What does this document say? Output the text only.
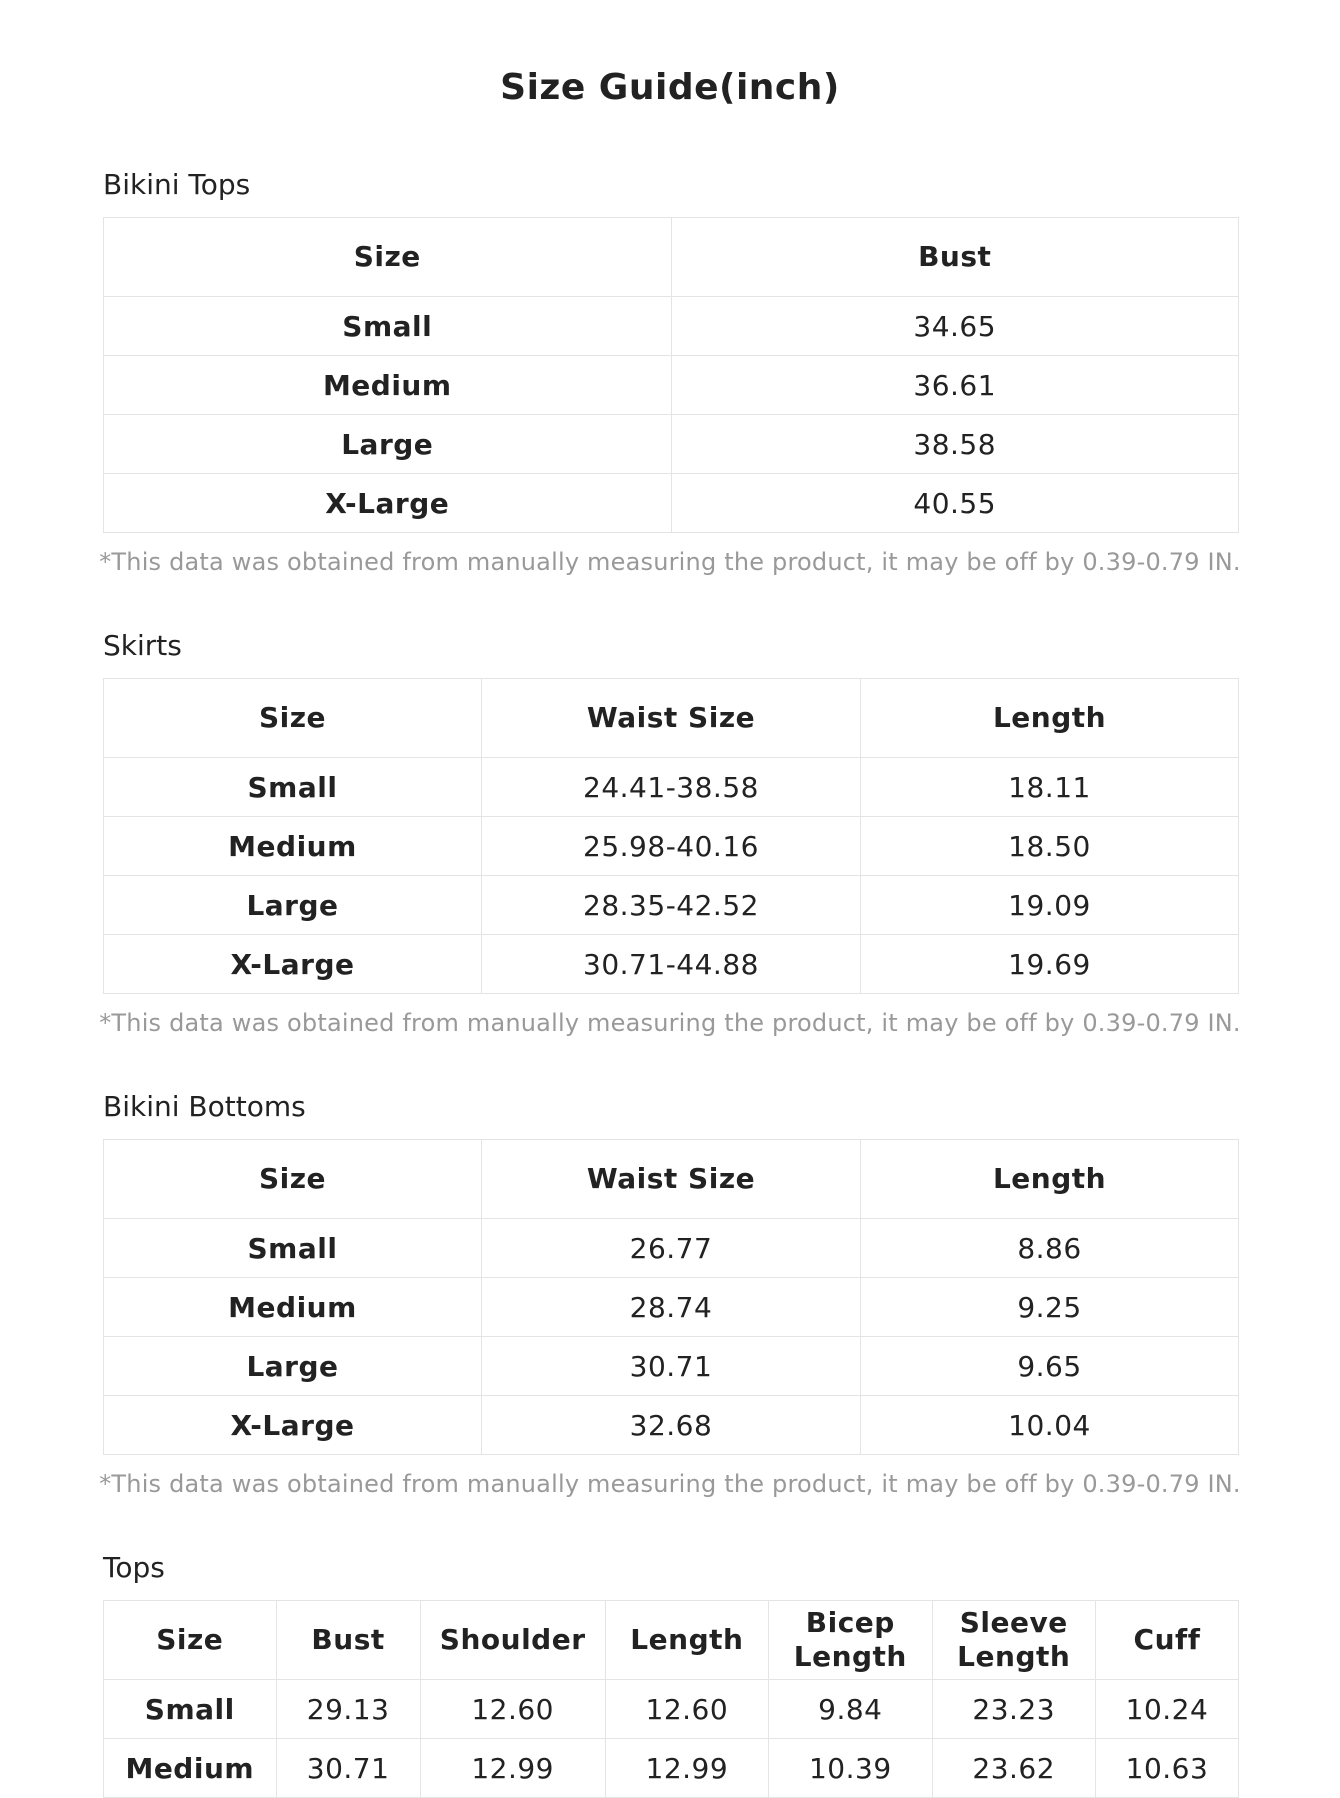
Size Guide(inch)
Bikini Tops
Size	Bust
Small	34.65
Medium	36.61
Large	38.58
X-Large	40.55
*This data was obtained from manually measuring the product, it may be off by 0.39-0.79 IN.
Skirts
Size	Waist Size	Length
Small	24.41-38.58	18.11
Medium	25.98-40.16	18.50
Large	28.35-42.52	19.09
X-Large	30.71-44.88	19.69
*This data was obtained from manually measuring the product, it may be off by 0.39-0.79 IN.
Bikini Bottoms
Size	Waist Size	Length
Small	26.77	8.86
Medium	28.74	9.25
Large	30.71	9.65
X-Large	32.68	10.04
*This data was obtained from manually measuring the product, it may be off by 0.39-0.79 IN.
Tops
Size	Bust	Shoulder	Length	Bicep Length	Sleeve Length	Cuff
Small	29.13	12.60	12.60	9.84	23.23	10.24
Medium	30.71	12.99	12.99	10.39	23.62	10.63
